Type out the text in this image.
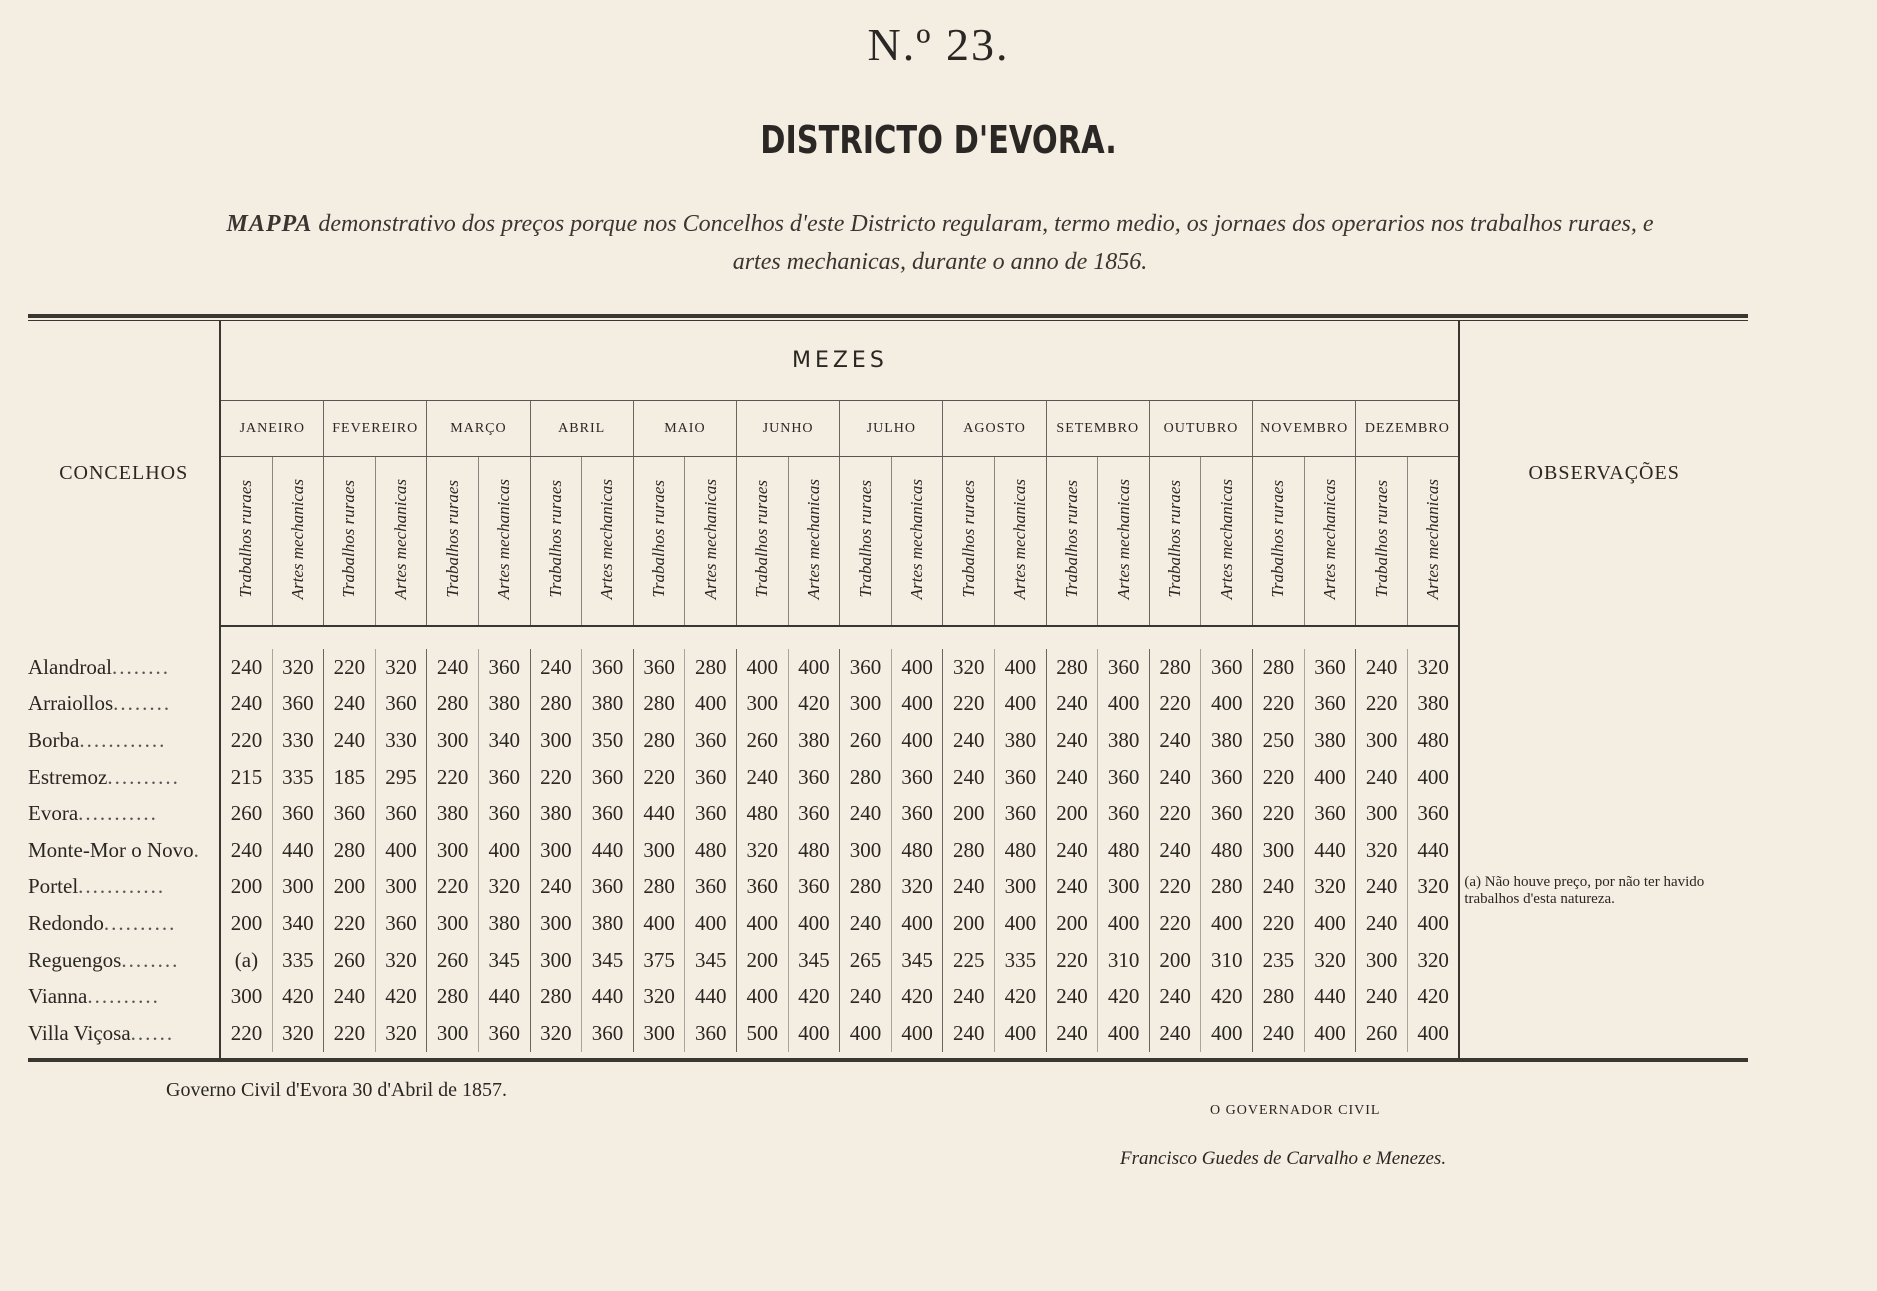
N.º 23.
DISTRICTO D'EVORA.
MAPPA demonstrativo dos preços porque nos Concelhos d'este Districto regularam, termo medio, os jornaes dos operarios nos trabalhos ruraes, e
artes mechanicas, durante o anno de 1856.
CONCELHOS	MEZES																								OBSERVAÇÕES
	JANEIRO		FEVEREIRO		MARÇO		ABRIL		MAIO		JUNHO		JULHO		AGOSTO		SETEMBRO		OUTUBRO		NOVEMBRO		DEZEMBRO		
	Trabalhos ruraes	Artes mechanicas	Trabalhos ruraes	Artes mechanicas	Trabalhos ruraes	Artes mechanicas	Trabalhos ruraes	Artes mechanicas	Trabalhos ruraes	Artes mechanicas	Trabalhos ruraes	Artes mechanicas	Trabalhos ruraes	Artes mechanicas	Trabalhos ruraes	Artes mechanicas	Trabalhos ruraes	Artes mechanicas	Trabalhos ruraes	Artes mechanicas	Trabalhos ruraes	Artes mechanicas	Trabalhos ruraes	Artes mechanicas	

																									(a) Não houve preço, por não ter havido trabalhos d'esta natureza.

Alandroal........	240	320	220	320	240	360	240	360	360	280	400	400	360	400	320	400	280	360	280	360	280	360	240	320	
Arraiollos........	240	360	240	360	280	380	280	380	280	400	300	420	300	400	220	400	240	400	220	400	220	360	220	380	
Borba............	220	330	240	330	300	340	300	350	280	360	260	380	260	400	240	380	240	380	240	380	250	380	300	480	
Estremoz..........	215	335	185	295	220	360	220	360	220	360	240	360	280	360	240	360	240	360	240	360	220	400	240	400	
Evora...........	260	360	360	360	380	360	380	360	440	360	480	360	240	360	200	360	200	360	220	360	220	360	300	360	
Monte-Mor o Novo.	240	440	280	400	300	400	300	440	300	480	320	480	300	480	280	480	240	480	240	480	300	440	320	440	
Portel............	200	300	200	300	220	320	240	360	280	360	360	360	280	320	240	300	240	300	220	280	240	320	240	320	
Redondo..........	200	340	220	360	300	380	300	380	400	400	400	400	240	400	200	400	200	400	220	400	220	400	240	400	
Reguengos........	(a)	335	260	320	260	345	300	345	375	345	200	345	265	345	225	335	220	310	200	310	235	320	300	320	
Vianna..........	300	420	240	420	280	440	280	440	320	440	400	420	240	420	240	420	240	420	240	420	280	440	240	420	
Villa Viçosa......	220	320	220	320	300	360	320	360	300	360	500	400	400	400	240	400	240	400	240	400	240	400	260	400	

Governo Civil d'Evora 30 d'Abril de 1857.
O GOVERNADOR CIVIL
Francisco Guedes de Carvalho e Menezes.
